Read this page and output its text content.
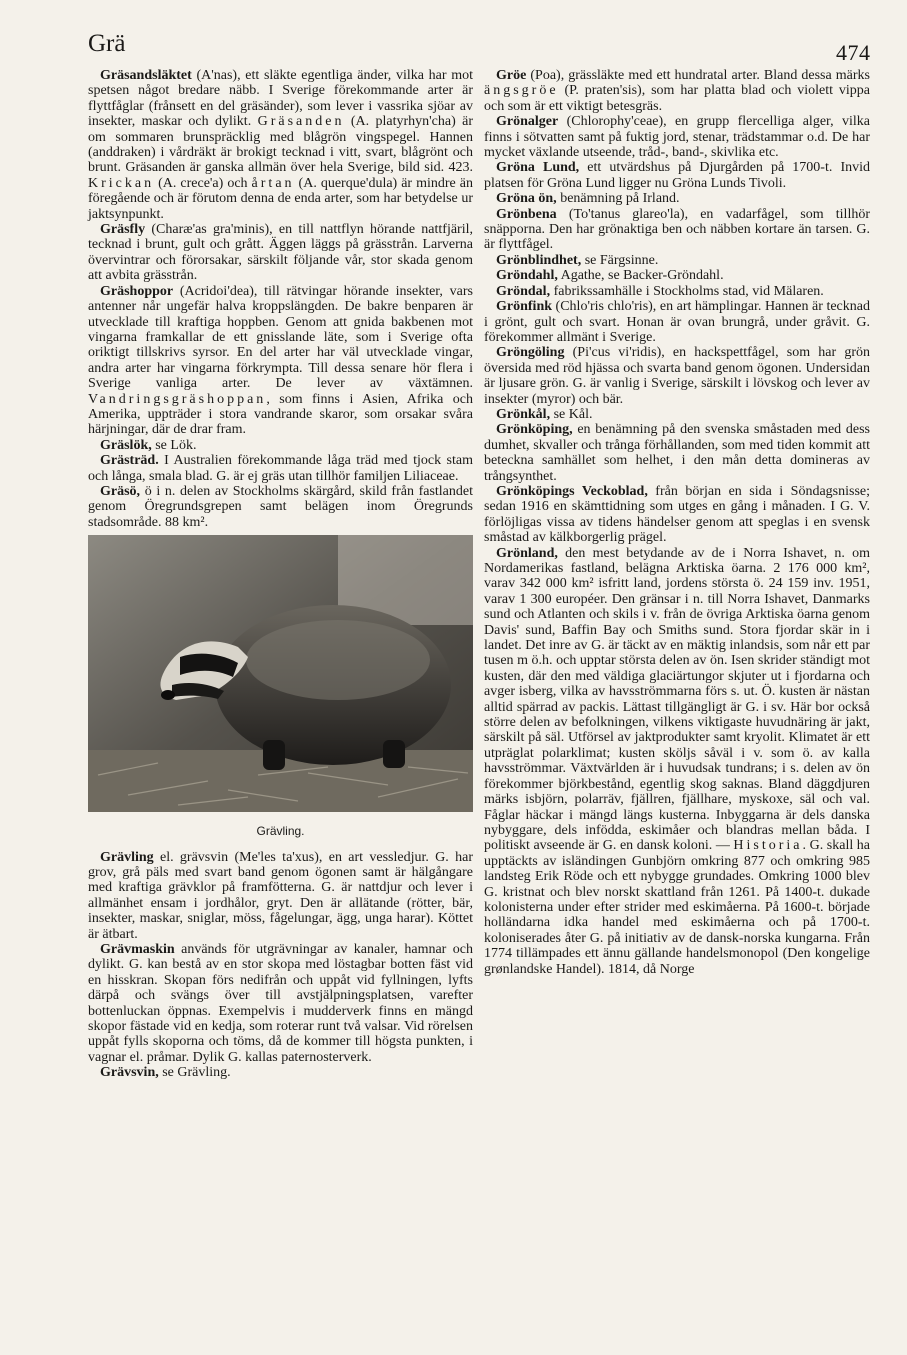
Grä	474

Gräsandsläktet (A'nas), ett släkte egentliga änder, vilka har mot spetsen något bredare näbb. I Sverige förekommande arter är flyttfåglar (frånsett en del gräsänder), som lever i vassrika sjöar av insekter, maskar och dylikt. Gräsanden (A. platyrhyn'cha) är om sommaren brunspräcklig med blågrön vingspegel. Hannen (anddraken) i vårdräkt är brokigt tecknad i vitt, svart, blågrönt och brunt. Gräsanden är ganska allmän över hela Sverige, bild sid. 423. Krickan (A. crece'a) och årtan (A. querque'dula) är mindre än föregående och är förutom denna de enda arter, som har betydelse ur jaktsynpunkt.

Gräsfly (Charæ'as gra'minis), en till nattflyn hörande nattfjäril, tecknad i brunt, gult och grått. Äggen läggs på grässtrån. Larverna övervintrar och förorsakar, särskilt följande vår, stor skada genom att avbita grässtrån.

Gräshoppor (Acridoi'dea), till rätvingar hörande insekter, vars antenner når ungefär halva kroppslängden. De bakre benparen är utvecklade till kraftiga hoppben. Genom att gnida bakbenen mot vingarna framkallar de ett gnisslande läte, som i Sverige ofta oriktigt tillskrivs syrsor. En del arter har väl utvecklade vingar, andra arter har vingarna förkrympta. Till dessa senare hör flera i Sverige vanliga arter. De lever av växtämnen. Vandringsgräshoppan, som finns i Asien, Afrika och Amerika, uppträder i stora vandrande skaror, som orsakar svåra härjningar, där de drar fram.

Gräslök, se Lök.

Grästräd. I Australien förekommande låga träd med tjock stam och långa, smala blad. G. är ej gräs utan tillhör familjen Liliaceae.

Gräsö, ö i n. delen av Stockholms skärgård, skild från fastlandet genom Öregrundsgrepen samt belägen inom Öregrunds stadsområde. 88 km².

Grävling.

Grävling el. grävsvin (Me'les ta'xus), en art vessledjur. G. har grov, grå päls med svart band genom ögonen samt är hälgångare med kraftiga grävklor på framfötterna. G. är nattdjur och lever i allmänhet ensam i jordhålor, gryt. Den är allätande (rötter, bär, insekter, maskar, sniglar, möss, fågelungar, ägg, unga harar). Köttet är ätbart.

Grävmaskin används för utgrävningar av kanaler, hamnar och dylikt. G. kan bestå av en stor skopa med löstagbar botten fäst vid en hisskran. Skopan förs nedifrån och uppåt vid fyllningen, lyfts därpå och svängs över till avstjälpningsplatsen, varefter bottenluckan öppnas. Exempelvis i mudderverk finns en mängd skopor fästade vid en kedja, som roterar runt två valsar. Vid rörelsen uppåt fylls skoporna och töms, då de kommer till högsta punkten, i vagnar el. pråmar. Dylik G. kallas paternosterverk.

Grävsvin, se Grävling.

Gröe (Poa), grässläkte med ett hundratal arter. Bland dessa märks ängsgröe (P. praten'sis), som har platta blad och violett vippa och som är ett viktigt betesgräs.

Grönalger (Chlorophy'ceae), en grupp flercelliga alger, vilka finns i sötvatten samt på fuktig jord, stenar, trädstammar o.d. De har mycket växlande utseende, tråd-, band-, skivlika etc.

Gröna Lund, ett utvärdshus på Djurgården på 1700-t. Invid platsen för Gröna Lund ligger nu Gröna Lunds Tivoli.

Gröna ön, benämning på Irland.

Grönbena (To'tanus glareo'la), en vadarfågel, som tillhör snäpporna. Den har grönaktiga ben och näbben kortare än tarsen. G. är flyttfågel.

Grönblindhet, se Färgsinne.

Gröndahl, Agathe, se Backer-Gröndahl.

Gröndal, fabrikssamhälle i Stockholms stad, vid Mälaren.

Grönfink (Chlo'ris chlo'ris), en art hämplingar. Hannen är tecknad i grönt, gult och svart. Honan är ovan brungrå, under gråvit. G. förekommer allmänt i Sverige.

Gröngöling (Pi'cus vi'ridis), en hackspettfågel, som har grön översida med röd hjässa och svarta band genom ögonen. Undersidan är ljusare grön. G. är vanlig i Sverige, särskilt i lövskog och lever av insekter (myror) och bär.

Grönkål, se Kål.

Grönköping, en benämning på den svenska småstaden med dess dumhet, skvaller och trånga förhållanden, som med tiden kommit att beteckna samhället som helhet, i den mån detta domineras av trångsynthet.

Grönköpings Veckoblad, från början en sida i Söndagsnisse; sedan 1916 en skämttidning som utges en gång i månaden. I G. V. förlöjligas vissa av tidens händelser genom att speglas i en svensk småstad av kälkborgerlig prägel.

Grönland, den mest betydande av de i Norra Ishavet, n. om Nordamerikas fastland, belägna Arktiska öarna. 2 176 000 km², varav 342 000 km² isfritt land, jordens största ö. 24 159 inv. 1951, varav 1 300 européer. Den gränsar i n. till Norra Ishavet, Danmarks sund och Atlanten och skils i v. från de övriga Arktiska öarna genom Davis' sund, Baffin Bay och Smiths sund. Stora fjordar skär in i landet. Det inre av G. är täckt av en mäktig inlandsis, som når ett par tusen m ö.h. och upptar största delen av ön. Isen skrider ständigt mot kusten, där den med väldiga glaciärtungor skjuter ut i fjordarna och avger isberg, vilka av havsströmmarna förs s. ut. Ö. kusten är nästan alltid spärrad av packis. Lättast tillgängligt är G. i sv. Här bor också större delen av befolkningen, vilkens viktigaste huvudnäring är jakt, särskilt på säl. Utförsel av jaktprodukter samt kryolit. Klimatet är ett utpräglat polarklimat; kusten sköljs såväl i v. som ö. av kalla havsströmmar. Växtvärlden är i huvudsak tundrans; i s. delen av ön förekommer björkbestånd, egentlig skog saknas. Bland däggdjuren märks isbjörn, polarräv, fjällren, fjällhare, myskoxe, säl och val. Fåglar häckar i mängd längs kusterna. Inbyggarna är dels danska nybyggare, dels infödda, eskimåer och blandras mellan båda. I politiskt avseende är G. en dansk koloni. — Historia. G. skall ha upptäckts av isländingen Gunbjörn omkring 877 och omkring 985 landsteg Erik Röde och ett nybygge grundades. Omkring 1000 blev G. kristnat och blev norskt skattland från 1261. På 1400-t. dukade kolonisterna under efter strider med eskimåerna. På 1600-t. började holländarna idka handel med eskimåerna och på 1700-t. koloniserades åter G. på initiativ av de dansk-norska kungarna. Från 1774 tillämpades ett ännu gällande handelsmonopol (Den kongelige grønlandske Handel). 1814, då Norge
